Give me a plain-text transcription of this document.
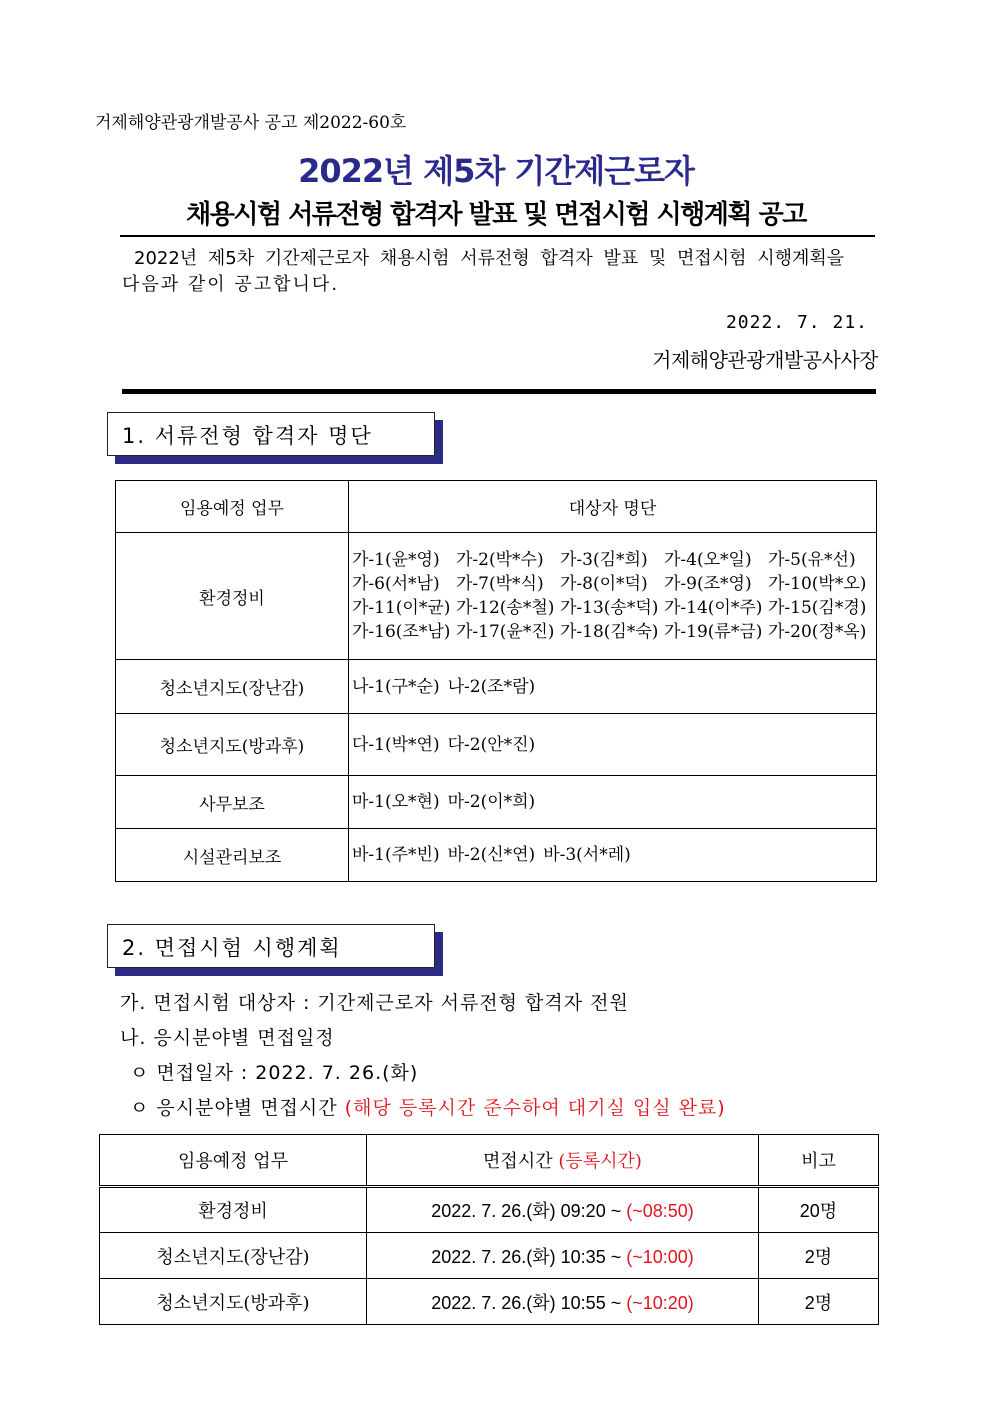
거제해양관광개발공사 공고 제2022-60호
2022년 제5차 기간제근로자
채용시험 서류전형 합격자 발표 및 면접시험 시행계획 공고
2022년 제5차 기간제근로자 채용시험 서류전형 합격자 발표 및 면접시험 시행계획을
다음과 같이 공고합니다.
2022. 7. 21.
거제해양관광개발공사사장
1. 서류전형 합격자 명단
임용예정 업무	대상자 명단
환경정비	가-1(윤*영) 가-2(박*수) 가-3(김*희) 가-4(오*일) 가-5(유*선)
가-6(서*남) 가-7(박*식) 가-8(이*덕) 가-9(조*영) 가-10(박*오)
가-11(이*균) 가-12(송*철) 가-13(송*덕) 가-14(이*주) 가-15(김*경)
가-16(조*남) 가-17(윤*진) 가-18(김*숙) 가-19(류*금) 가-20(정*옥)
청소년지도(장난감)	나-1(구*순) 나-2(조*람)
청소년지도(방과후)	다-1(박*연) 다-2(안*진)
사무보조	마-1(오*현) 마-2(이*희)
시설관리보조	바-1(주*빈) 바-2(신*연) 바-3(서*레)
2. 면접시험 시행계획
가. 면접시험 대상자 : 기간제근로자 서류전형 합격자 전원
나. 응시분야별 면접일정
ㅇ 면접일자 : 2022. 7. 26.(화)
ㅇ 응시분야별 면접시간 (해당 등록시간 준수하여 대기실 입실 완료)
임용예정 업무	면접시간 (등록시간)	비고
환경정비	2022. 7. 26.(화) 09:20 ~ (~08:50)	20명
청소년지도(장난감)	2022. 7. 26.(화) 10:35 ~ (~10:00)	2명
청소년지도(방과후)	2022. 7. 26.(화) 10:55 ~ (~10:20)	2명
